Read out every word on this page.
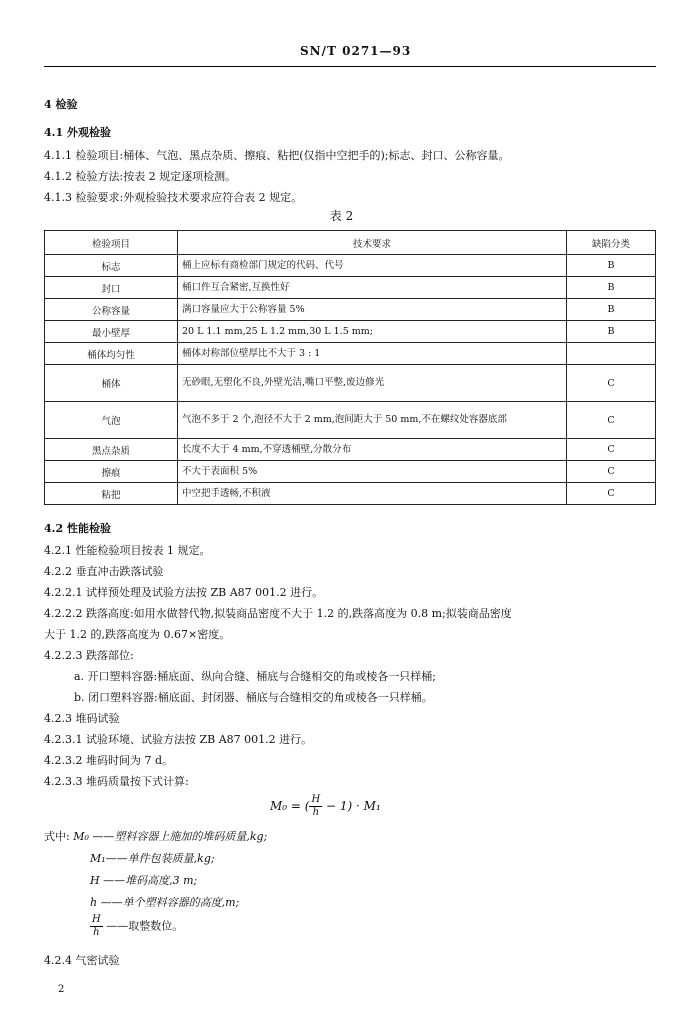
SN/T 0271—93
4 检验
4.1 外观检验
4.1.1 检验项目:桶体、气泡、黑点杂质、擦痕、粘把(仅指中空把手的);标志、封口、公称容量。
4.1.2 检验方法:按表 2 规定逐项检测。
4.1.3 检验要求:外观检验技术要求应符合表 2 规定。
表 2
检验项目	技术要求	缺陷分类
标志	桶上应标有商检部门规定的代码、代号	B
封口	桶口件互合紧密,互换性好	B
公称容量	满口容量应大于公称容量 5%	B
最小壁厚	20 L 1.1 mm,25 L 1.2 mm,30 L 1.5 mm;	B
桶体均匀性	桶体对称部位壁厚比不大于 3 : 1	
桶体	无砂眼,无塑化不良,外壁光洁,嘴口平整,废边修光	C
气泡	气泡不多于 2 个,泡径不大于 2 mm,泡间距大于 50 mm,不在螺纹处容器底部	C
黑点杂质	长度不大于 4 mm,不穿透桶壁,分散分布	C
擦痕	不大于表面积 5%	C
粘把	中空把手透畅,不积液	C
4.2 性能检验
4.2.1 性能检验项目按表 1 规定。
4.2.2 垂直冲击跌落试验
4.2.2.1 试样预处理及试验方法按 ZB A87 001.2 进行。
4.2.2.2 跌落高度:如用水做替代物,拟装商品密度不大于 1.2 的,跌落高度为 0.8 m;拟装商品密度
大于 1.2 的,跌落高度为 0.67×密度。
4.2.2.3 跌落部位:
a. 开口塑料容器:桶底面、纵向合缝、桶底与合缝相交的角或棱各一只样桶;
b. 闭口塑料容器:桶底面、封闭器、桶底与合缝相交的角或棱各一只样桶。
4.2.3 堆码试验
4.2.3.1 试验环境、试验方法按 ZB A87 001.2 进行。
4.2.3.2 堆码时间为 7 d。
4.2.3.3 堆码质量按下式计算:
M₀ = ( $\frac{H}{h} - 1) \cdot M_1$
式中: M₀ ——塑料容器上施加的堆码质量,kg;
M₁——单件包装质量,kg;
H ——堆码高度,3 m;
h ——单个塑料容器的高度,m;
$\frac{H}{h}$ ——取整数位。
4.2.4 气密试验
2
